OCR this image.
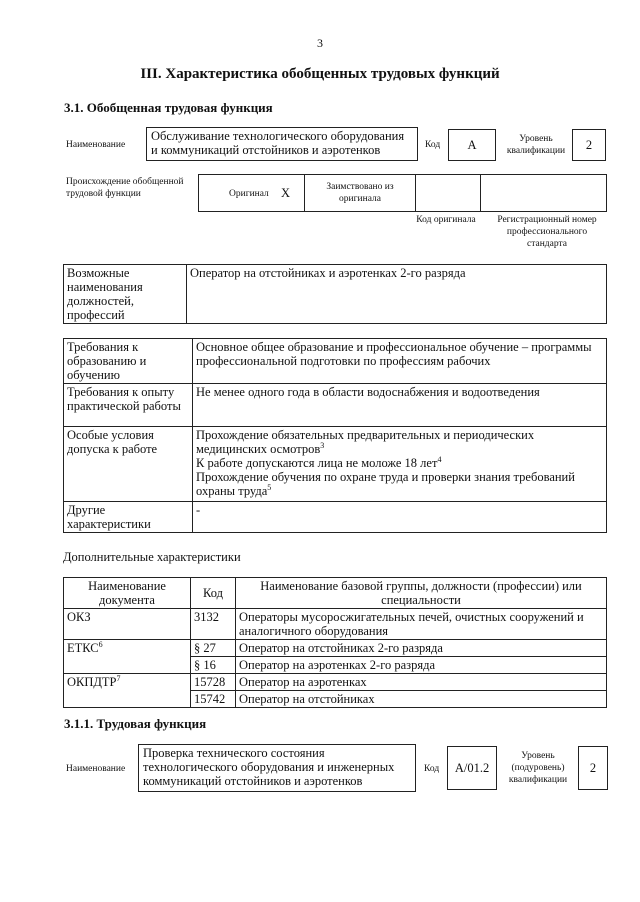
3
III. Характеристика обобщенных трудовых функций
3.1. Обобщенная трудовая функция
Наименование
Обслуживание технологического оборудования и коммуникаций отстойников и аэротенков	Код	А	Уровень квалификации	2
Происхождение обобщенной трудовой функции	Оригинал Х	Заимствовано из оригинала
Код оригинала	Регистрационный номер профессионального стандарта
Возможные наименования должностей, профессий	Оператор на отстойниках и аэротенках 2-го разряда
Требования к образованию и обучению	Основное общее образование и профессиональное обучение – программы профессиональной подготовки по профессиям рабочих
Требования к опыту практической работы	Не менее одного года в области водоснабжения и водоотведения
Особые условия допуска к работе	Прохождение обязательных предварительных и периодических медицинских осмотров$^3$
К работе допускаются лица не моложе 18 лет$^4$
Прохождение обучения по охране труда и проверки знания требований охраны труда$^5$
Другие характеристики	-
Дополнительные характеристики
Наименование документа	Код	Наименование базовой группы, должности (профессии) или специальности
ОКЗ	3132	Операторы мусоросжигательных печей, очистных сооружений и аналогичного оборудования
ЕТКС$^6$	§ 27	Оператор на отстойниках 2-го разряда
	§ 16	Оператор на аэротенках 2-го разряда
ОКПДТР$^7$	15728	Оператор на аэротенках
	15742	Оператор на отстойниках
3.1.1. Трудовая функция
Наименование
Проверка технического состояния технологического оборудования и инженерных коммуникаций отстойников и аэротенков
Код	А/01.2
Уровень (подуровень) квалификации
2
